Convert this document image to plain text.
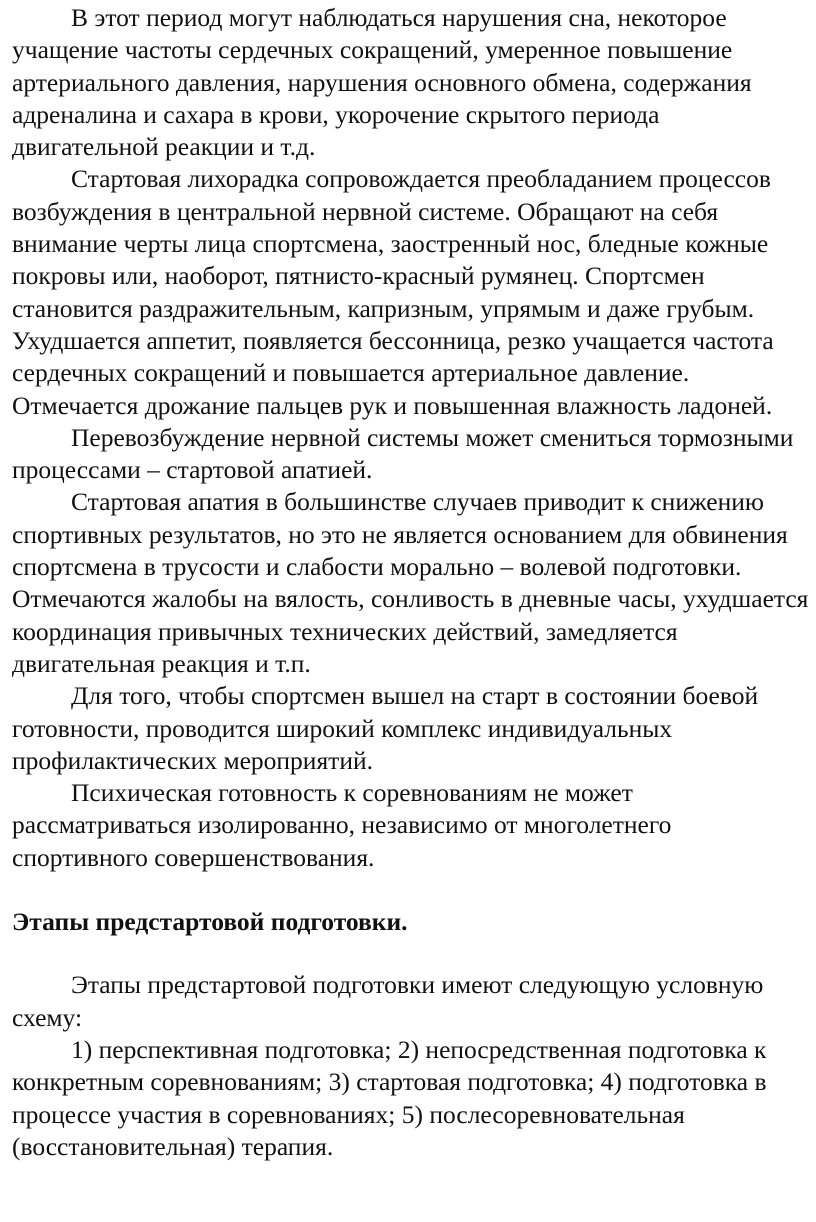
В этот период могут наблюдаться нарушения сна, некоторое учащение частоты сердечных сокращений, умеренное повышение артериального давления, нарушения основного обмена, содержания адреналина и сахара в крови, укорочение скрытого периода двигательной реакции и т.д.

Стартовая лихорадка сопровождается преобладанием процессов возбуждения в центральной нервной системе. Обращают на себя внимание черты лица спортсмена, заостренный нос, бледные кожные покровы или, наоборот, пятнисто-красный румянец. Спортсмен становится раздражительным, капризным, упрямым и даже грубым. Ухудшается аппетит, появляется бессонница, резко учащается частота сердечных сокращений и повышается артериальное давление. Отмечается дрожание пальцев рук и повышенная влажность ладоней.

Перевозбуждение нервной системы может смениться тормозными процессами – стартовой апатией.

Стартовая апатия в большинстве случаев приводит к снижению спортивных результатов, но это не является основанием для обвинения спортсмена в трусости и слабости морально – волевой подготовки. Отмечаются жалобы на вялость, сонливость в дневные часы, ухудшается координация привычных технических действий, замедляется двигательная реакция и т.п.

Для того, чтобы спортсмен вышел на старт в состоянии боевой готовности, проводится широкий комплекс индивидуальных профилактических мероприятий.

Психическая готовность к соревнованиям не может рассматриваться изолированно, независимо от многолетнего спортивного совершенствования.

Этапы предстартовой подготовки.

Этапы предстартовой подготовки имеют следующую условную схему:

1) перспективная подготовка; 2) непосредственная подготовка к конкретным соревнованиям; 3) стартовая подготовка; 4) подготовка в процессе участия в соревнованиях; 5) послесоревновательная (восстановительная) терапия.
